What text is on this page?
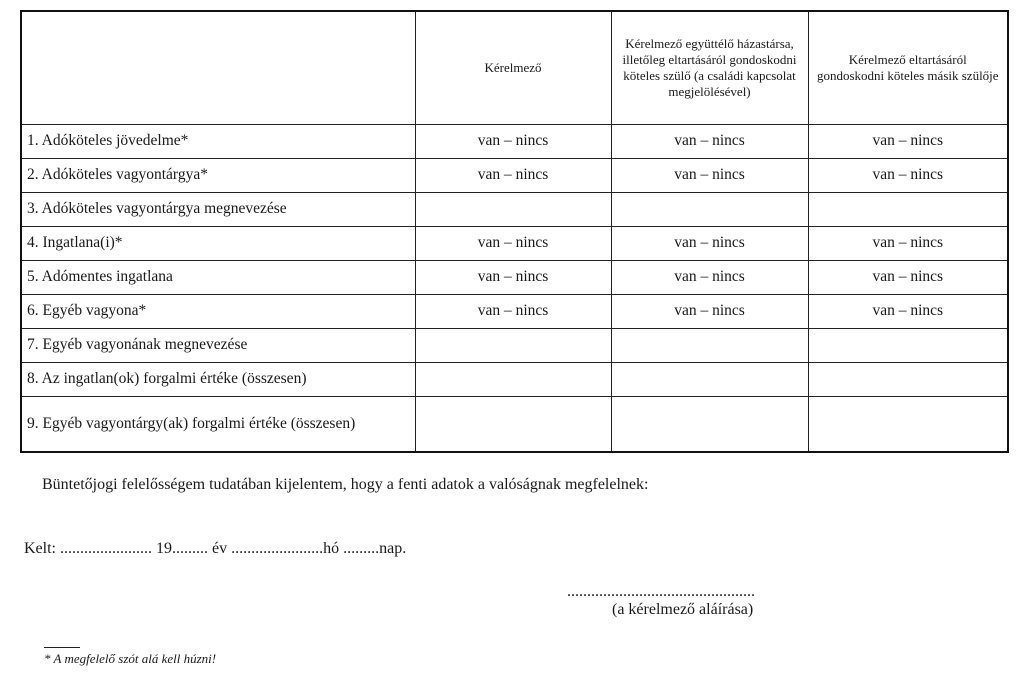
	Kérelmező	Kérelmező együttélő házastársa, illetőleg eltartásáról gondoskodni köteles szülő (a családi kapcsolat megjelölésével)	Kérelmező eltartásáról gondoskodni köteles másik szülője
1. Adóköteles jövedelme*	van – nincs	van – nincs	van – nincs
2. Adóköteles vagyontárgya*	van – nincs	van – nincs	van – nincs
3. Adóköteles vagyontárgya megnevezése			
4. Ingatlana(i)*	van – nincs	van – nincs	van – nincs
5. Adómentes ingatlana	van – nincs	van – nincs	van – nincs
6. Egyéb vagyona*	van – nincs	van – nincs	van – nincs
7. Egyéb vagyonának megnevezése			
8. Az ingatlan(ok) forgalmi értéke (összesen)			
9. Egyéb vagyontárgy(ak) forgalmi értéke (összesen)			
Büntetőjogi felelősségem tudatában kijelentem, hogy a fenti adatok a valóságnak megfelelnek:
Kelt: ....................... 19......... év .......................hó .........nap.
...............................................
(a kérelmező aláírása)
* A megfelelő szót alá kell húzni!
